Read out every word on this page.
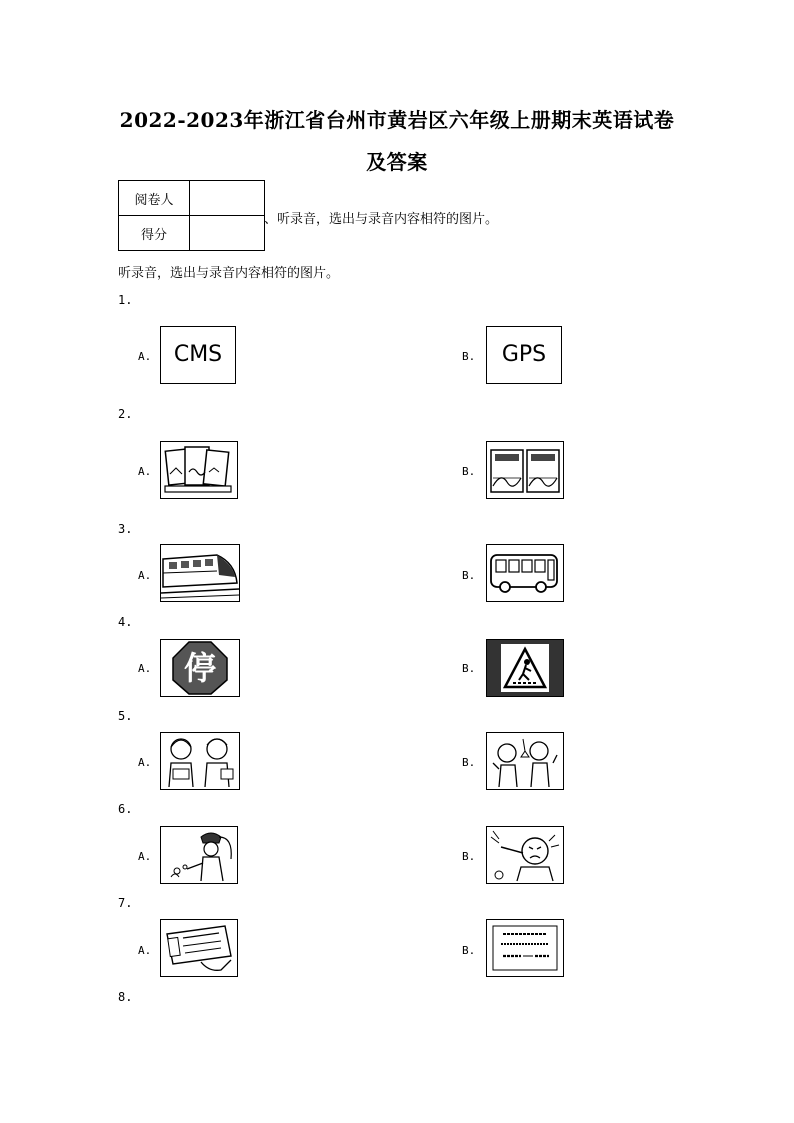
2022-2023年浙江省台州市黄岩区六年级上册期末英语试卷
及答案
阅卷人	
得分	
、听录音，选出与录音内容相符的图片。
听录音，选出与录音内容相符的图片。
1.
A.	CMS	B.	GPS
2.
A.	B.
3.
A.	B.
4.
A.	停	B.
5.
A.	B.
6.
A.	B.
7.
A.	B.
8.
